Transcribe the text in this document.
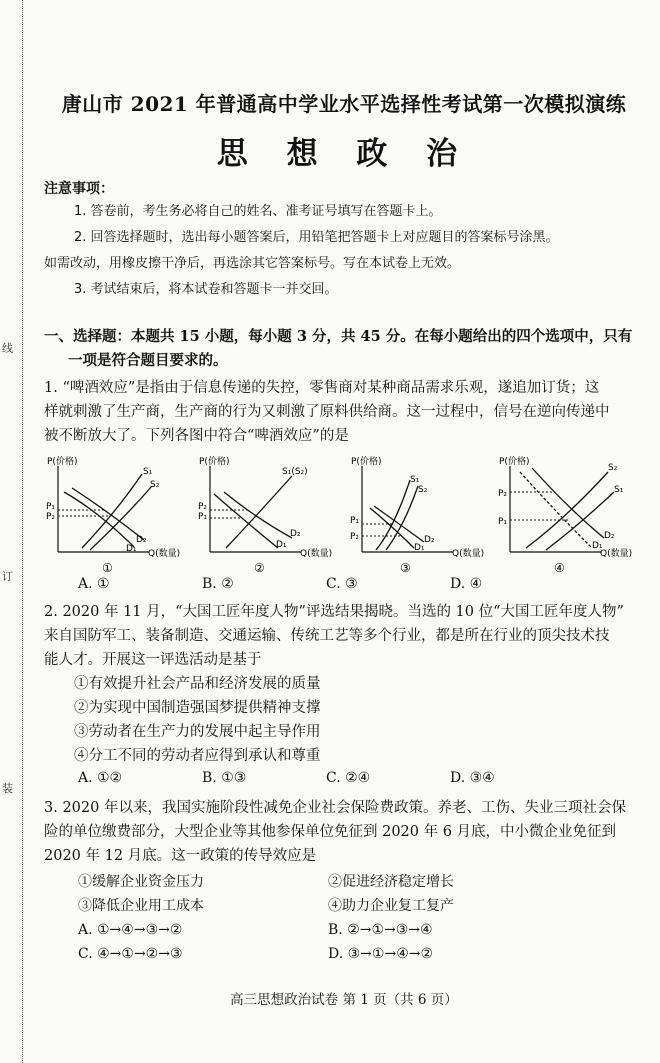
线
订
装
唐山市 2021 年普通高中学业水平选择性考试第一次模拟演练
思 想 政 治
注意事项：
1. 答卷前，考生务必将自己的姓名、准考证号填写在答题卡上。
2. 回答选择题时，选出每小题答案后，用铅笔把答题卡上对应题目的答案标号涂黑。
如需改动，用橡皮擦干净后，再选涂其它答案标号。写在本试卷上无效。
3. 考试结束后，将本试卷和答题卡一并交回。
一、选择题：本题共 15 小题，每小题 3 分，共 45 分。在每小题给出的四个选项中，只有
一项是符合题目要求的。
1. “啤酒效应”是指由于信息传递的失控，零售商对某种商品需求乐观，遂追加订货；这
样就刺激了生产商，生产商的行为又刺激了原料供给商。这一过程中，信号在逆向传递中
被不断放大了。下列各图中符合“啤酒效应”的是
P(价格)
Q(数量)
S₁
S₂
D₂
D₁
P₁
P₂
①
P(价格)
Q(数量)
S₁(S₂)
D₂
D₁
P₂
P₁
②
P(价格)
Q(数量)
S₁
S₂
D₂
D₁
P₁
P₂
③
P(价格)
Q(数量)
S₂
S₁
D₂
D₁
P₂
P₁
④
A. ①	B. ②	C. ③	D. ④
2. 2020 年 11 月，“大国工匠年度人物”评选结果揭晓。当选的 10 位“大国工匠年度人物”
来自国防军工、装备制造、交通运输、传统工艺等多个行业，都是所在行业的顶尖技术技
能人才。开展这一评选活动是基于
①有效提升社会产品和经济发展的质量
②为实现中国制造强国梦提供精神支撑
③劳动者在生产力的发展中起主导作用
④分工不同的劳动者应得到承认和尊重
A. ①②	B. ①③	C. ②④	D. ③④
3. 2020 年以来，我国实施阶段性减免企业社会保险费政策。养老、工伤、失业三项社会保
险的单位缴费部分，大型企业等其他参保单位免征到 2020 年 6 月底，中小微企业免征到
2020 年 12 月底。这一政策的传导效应是
①缓解企业资金压力	②促进经济稳定增长
③降低企业用工成本	④助力企业复工复产
A. ①→④→③→②	B. ②→①→③→④
C. ④→①→②→③	D. ③→①→④→②
高三思想政治试卷 第 1 页（共 6 页）
